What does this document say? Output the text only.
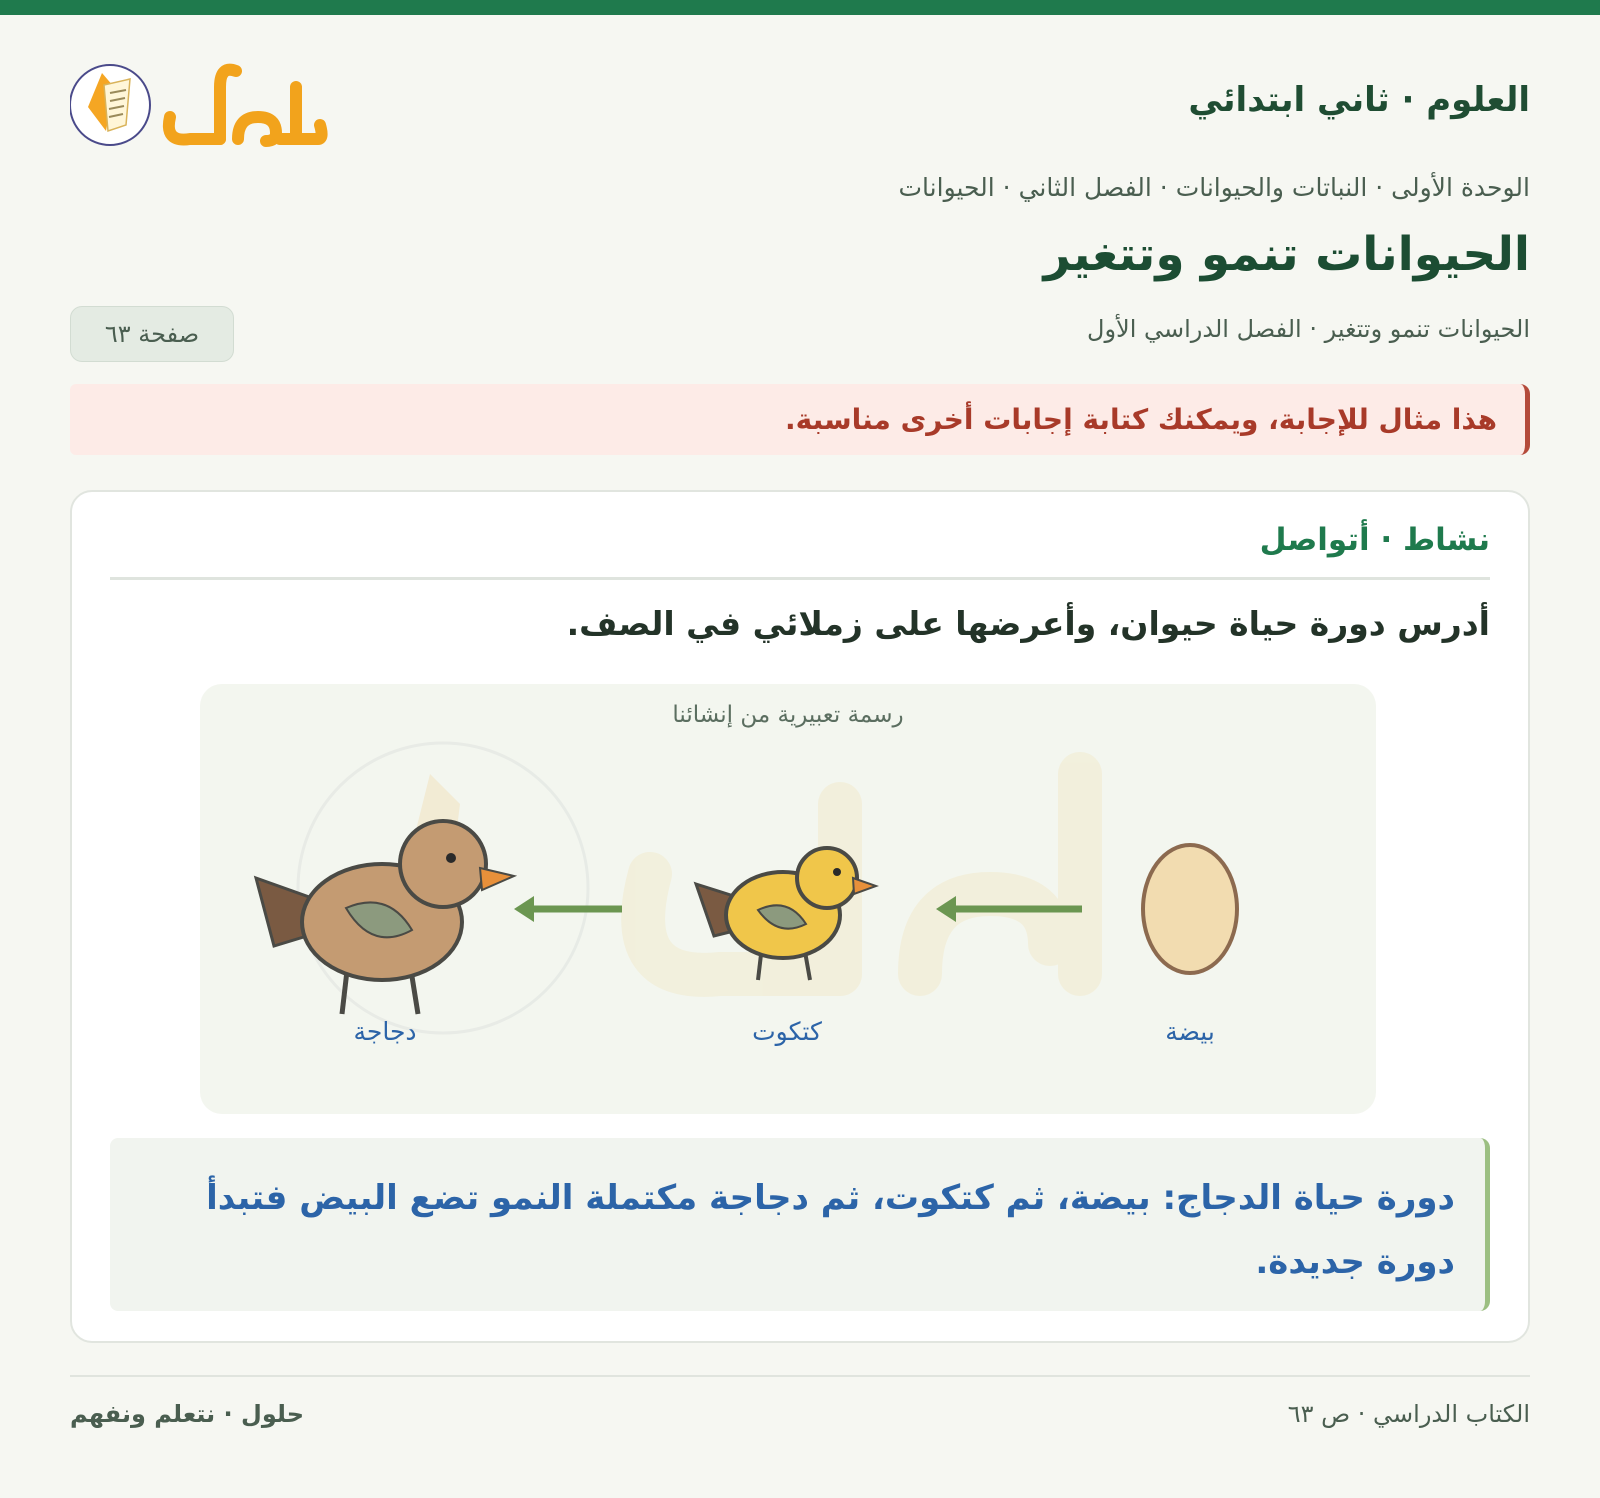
العلوم · ثاني ابتدائي
الوحدة الأولى · النباتات والحيوانات · الفصل الثاني · الحيوانات
الحيوانات تنمو وتتغير
الحيوانات تنمو وتتغير · الفصل الدراسي الأول
صفحة ٦٣
هذا مثال للإجابة، ويمكنك كتابة إجابات أخرى مناسبة.
نشاط · أتواصل
أدرس دورة حياة حيوان، وأعرضها على زملائي في الصف.
رسمة تعبيرية من إنشائنا
بيضة
كتكوت
دجاجة
دورة حياة الدجاج: بيضة، ثم كتكوت، ثم دجاجة مكتملة النمو تضع البيض فتبدأ دورة جديدة.
الكتاب الدراسي · ص ٦٣
حلول · نتعلم ونفهم
